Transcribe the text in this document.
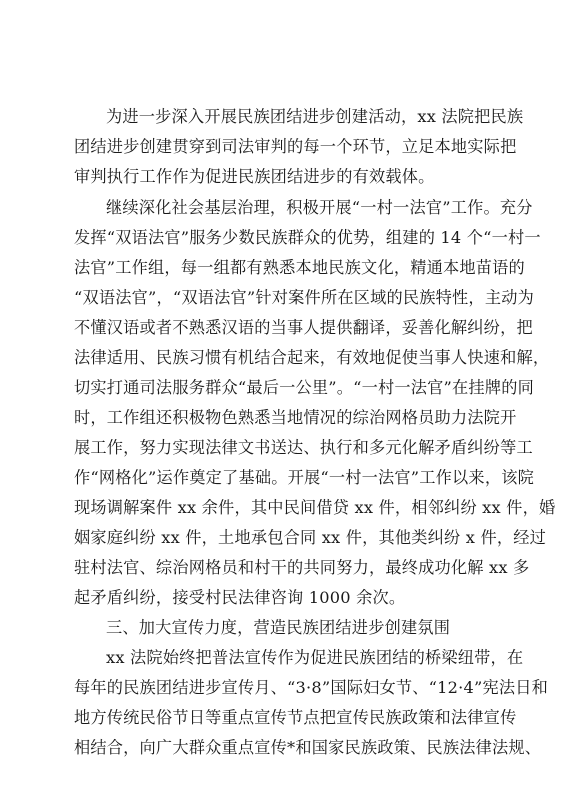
为进一步深入开展民族团结进步创建活动，xx 法院把民族
团结进步创建贯穿到司法审判的每一个环节，立足本地实际把
审判执行工作作为促进民族团结进步的有效载体。
继续深化社会基层治理，积极开展“一村一法官”工作。充分
发挥“双语法官”服务少数民族群众的优势，组建的 14 个“一村一
法官”工作组，每一组都有熟悉本地民族文化，精通本地苗语的
“双语法官”，“双语法官”针对案件所在区域的民族特性，主动为
不懂汉语或者不熟悉汉语的当事人提供翻译，妥善化解纠纷，把
法律适用、民族习惯有机结合起来，有效地促使当事人快速和解，
切实打通司法服务群众“最后一公里”。“一村一法官”在挂牌的同
时，工作组还积极物色熟悉当地情况的综治网格员助力法院开
展工作，努力实现法律文书送达、执行和多元化解矛盾纠纷等工
作“网格化”运作奠定了基础。开展“一村一法官”工作以来，该院
现场调解案件 xx 余件，其中民间借贷 xx 件，相邻纠纷 xx 件，婚
姻家庭纠纷 xx 件，土地承包合同 xx 件，其他类纠纷 x 件，经过
驻村法官、综治网格员和村干的共同努力，最终成功化解 xx 多
起矛盾纠纷，接受村民法律咨询 1000 余次。
三、加大宣传力度，营造民族团结进步创建氛围
xx 法院始终把普法宣传作为促进民族团结的桥梁纽带，在
每年的民族团结进步宣传月、“3·8”国际妇女节、“12·4”宪法日和
地方传统民俗节日等重点宣传节点把宣传民族政策和法律宣传
相结合，向广大群众重点宣传*和国家民族政策、民族法律法规、
